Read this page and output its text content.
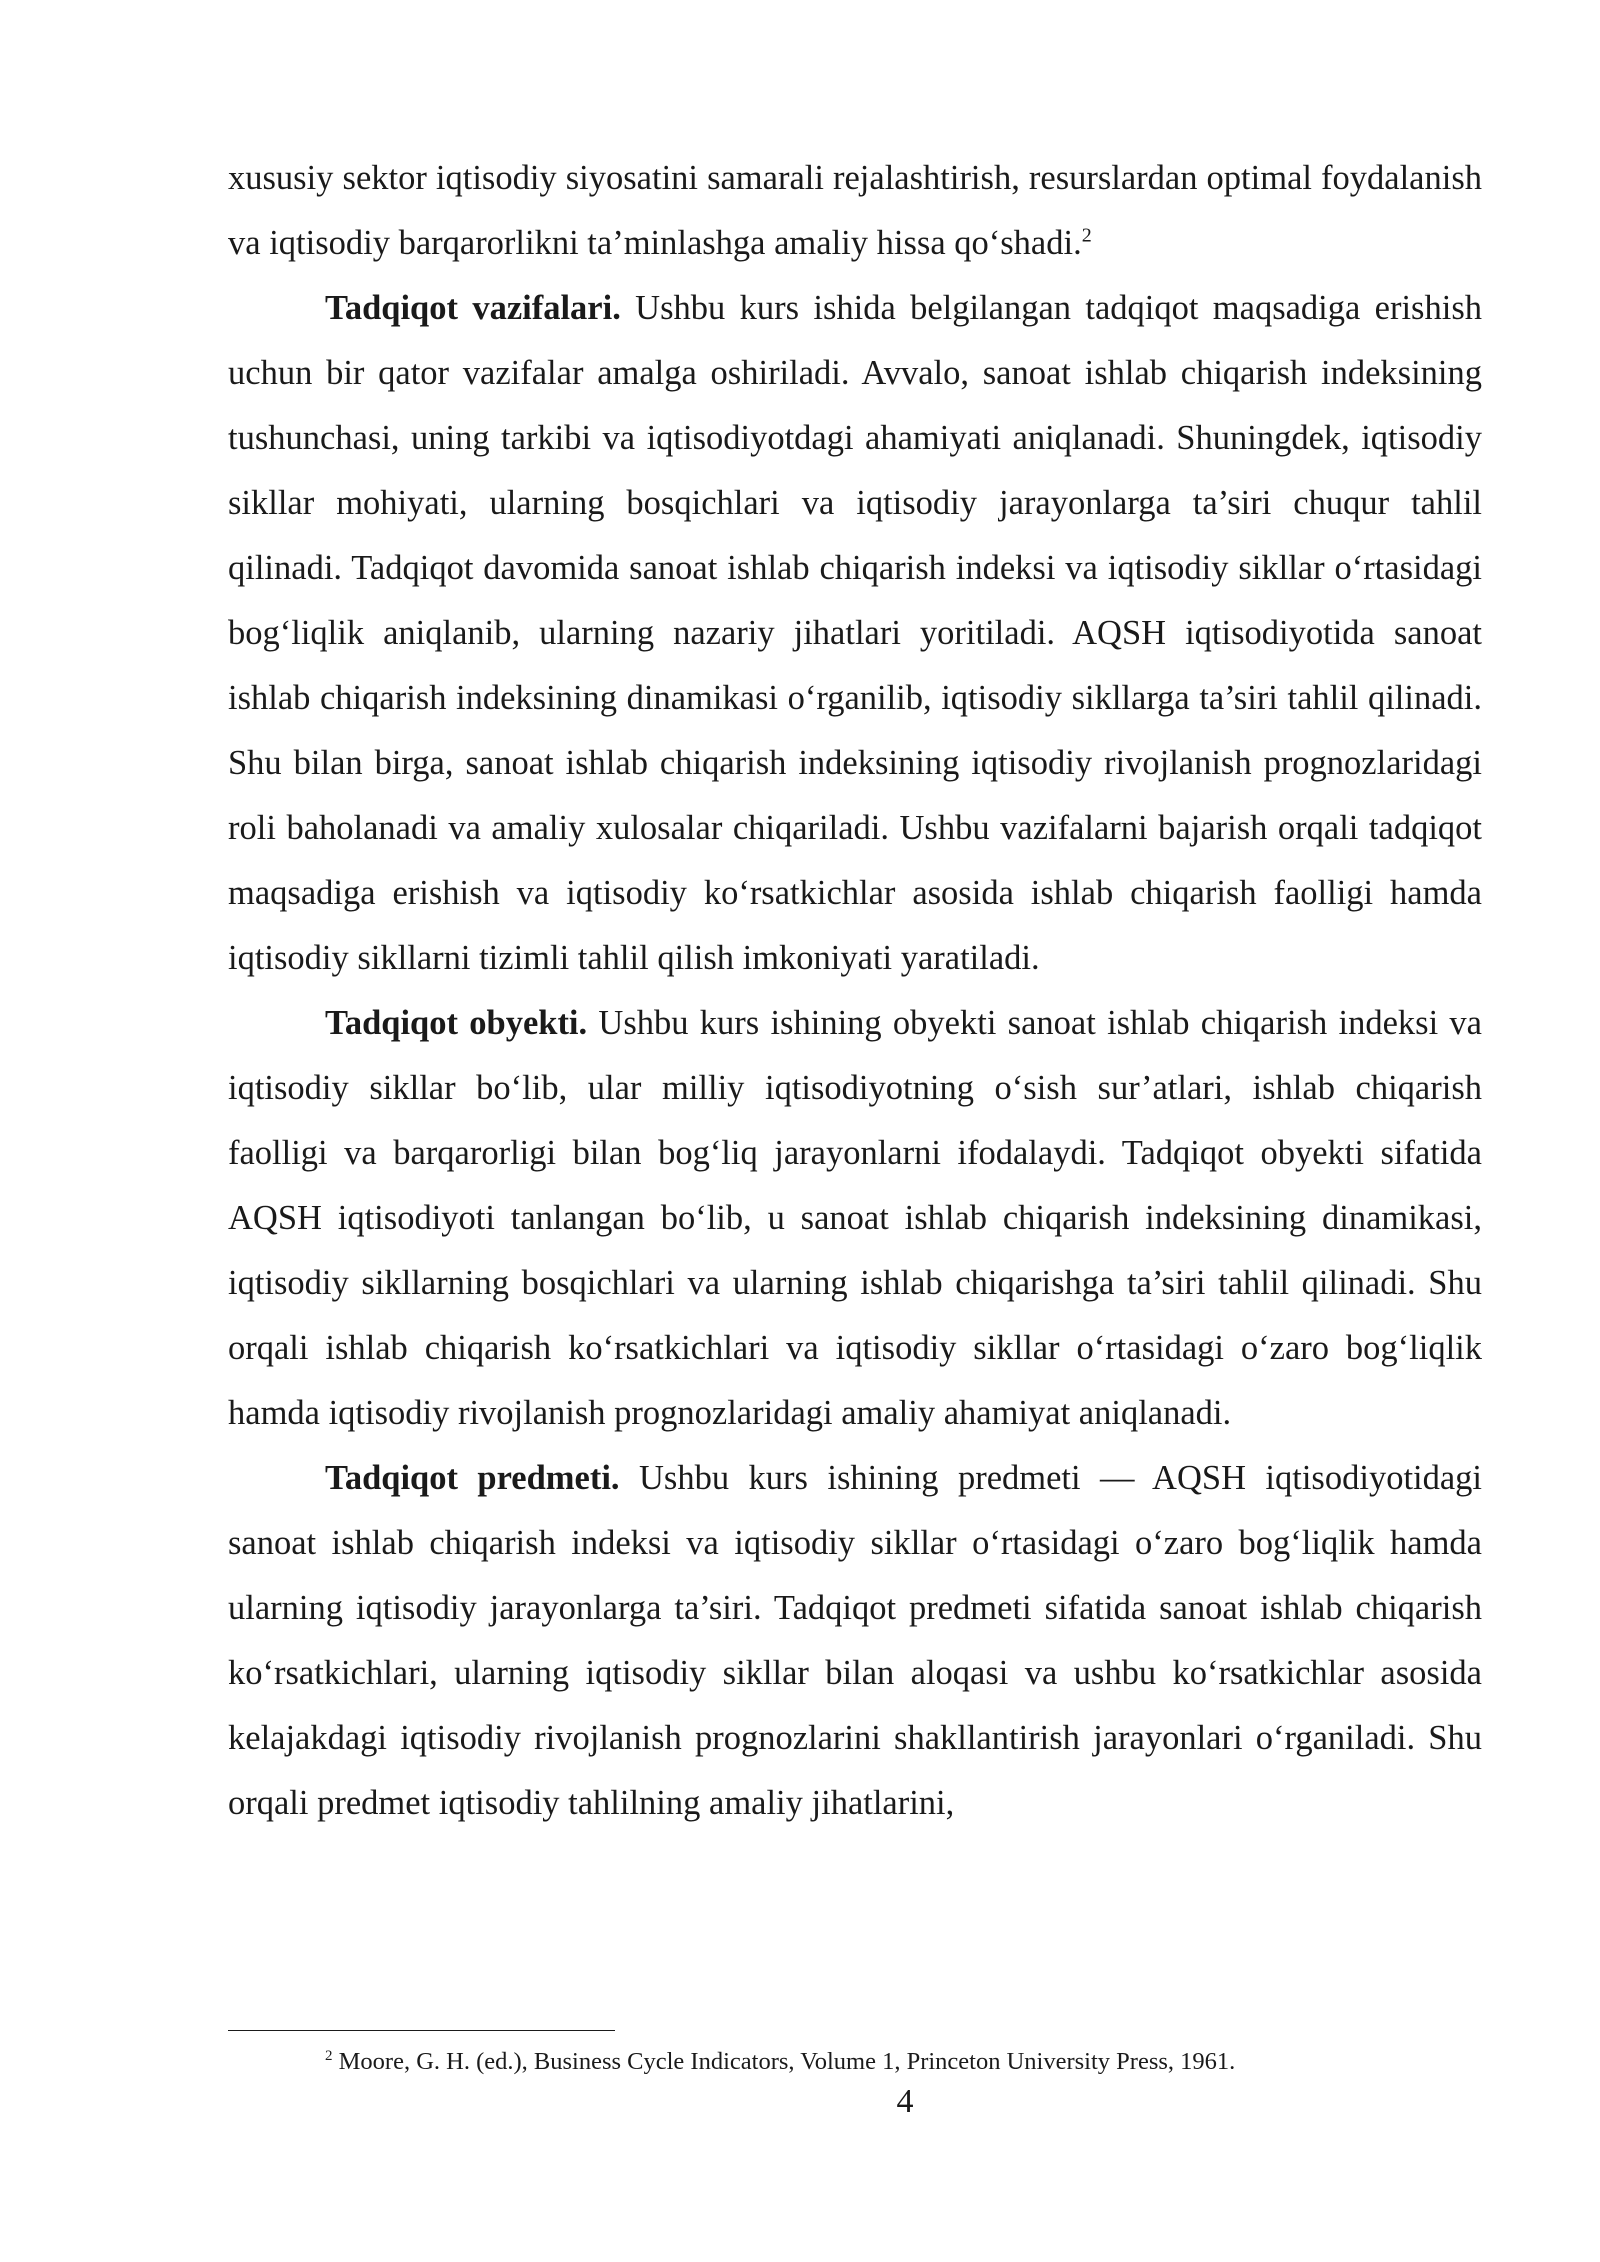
xususiy sektor iqtisodiy siyosatini samarali rejalashtirish, resurslardan optimal foydalanish va iqtisodiy barqarorlikni ta’minlashga amaliy hissa qo‘shadi.$^2$

Tadqiqot vazifalari. Ushbu kurs ishida belgilangan tadqiqot maqsadiga erishish uchun bir qator vazifalar amalga oshiriladi. Avvalo, sanoat ishlab chiqarish indeksining tushunchasi, uning tarkibi va iqtisodiyotdagi ahamiyati aniqlanadi. Shuningdek, iqtisodiy sikllar mohiyati, ularning bosqichlari va iqtisodiy jarayonlarga ta’siri chuqur tahlil qilinadi. Tadqiqot davomida sanoat ishlab chiqarish indeksi va iqtisodiy sikllar o‘rtasidagi bog‘liqlik aniqlanib, ularning nazariy jihatlari yoritiladi. AQSH iqtisodiyotida sanoat ishlab chiqarish indeksining dinamikasi o‘rganilib, iqtisodiy sikllarga ta’siri tahlil qilinadi. Shu bilan birga, sanoat ishlab chiqarish indeksining iqtisodiy rivojlanish prognozlaridagi roli baholanadi va amaliy xulosalar chiqariladi. Ushbu vazifalarni bajarish orqali tadqiqot maqsadiga erishish va iqtisodiy ko‘rsatkichlar asosida ishlab chiqarish faolligi hamda iqtisodiy sikllarni tizimli tahlil qilish imkoniyati yaratiladi.

Tadqiqot obyekti. Ushbu kurs ishining obyekti sanoat ishlab chiqarish indeksi va iqtisodiy sikllar bo‘lib, ular milliy iqtisodiyotning o‘sish sur’atlari, ishlab chiqarish faolligi va barqarorligi bilan bog‘liq jarayonlarni ifodalaydi. Tadqiqot obyekti sifatida AQSH iqtisodiyoti tanlangan bo‘lib, u sanoat ishlab chiqarish indeksining dinamikasi, iqtisodiy sikllarning bosqichlari va ularning ishlab chiqarishga ta’siri tahlil qilinadi. Shu orqali ishlab chiqarish ko‘rsatkichlari va iqtisodiy sikllar o‘rtasidagi o‘zaro bog‘liqlik hamda iqtisodiy rivojlanish prognozlaridagi amaliy ahamiyat aniqlanadi.

Tadqiqot predmeti. Ushbu kurs ishining predmeti — AQSH iqtisodiyotidagi sanoat ishlab chiqarish indeksi va iqtisodiy sikllar o‘rtasidagi o‘zaro bog‘liqlik hamda ularning iqtisodiy jarayonlarga ta’siri. Tadqiqot predmeti sifatida sanoat ishlab chiqarish ko‘rsatkichlari, ularning iqtisodiy sikllar bilan aloqasi va ushbu ko‘rsatkichlar asosida kelajakdagi iqtisodiy rivojlanish prognozlarini shakllantirish jarayonlari o‘rganiladi. Shu orqali predmet iqtisodiy tahlilning amaliy jihatlarini,

$^2$ Moore, G. H. (ed.), Business Cycle Indicators, Volume 1, Princeton University Press, 1961.
4
